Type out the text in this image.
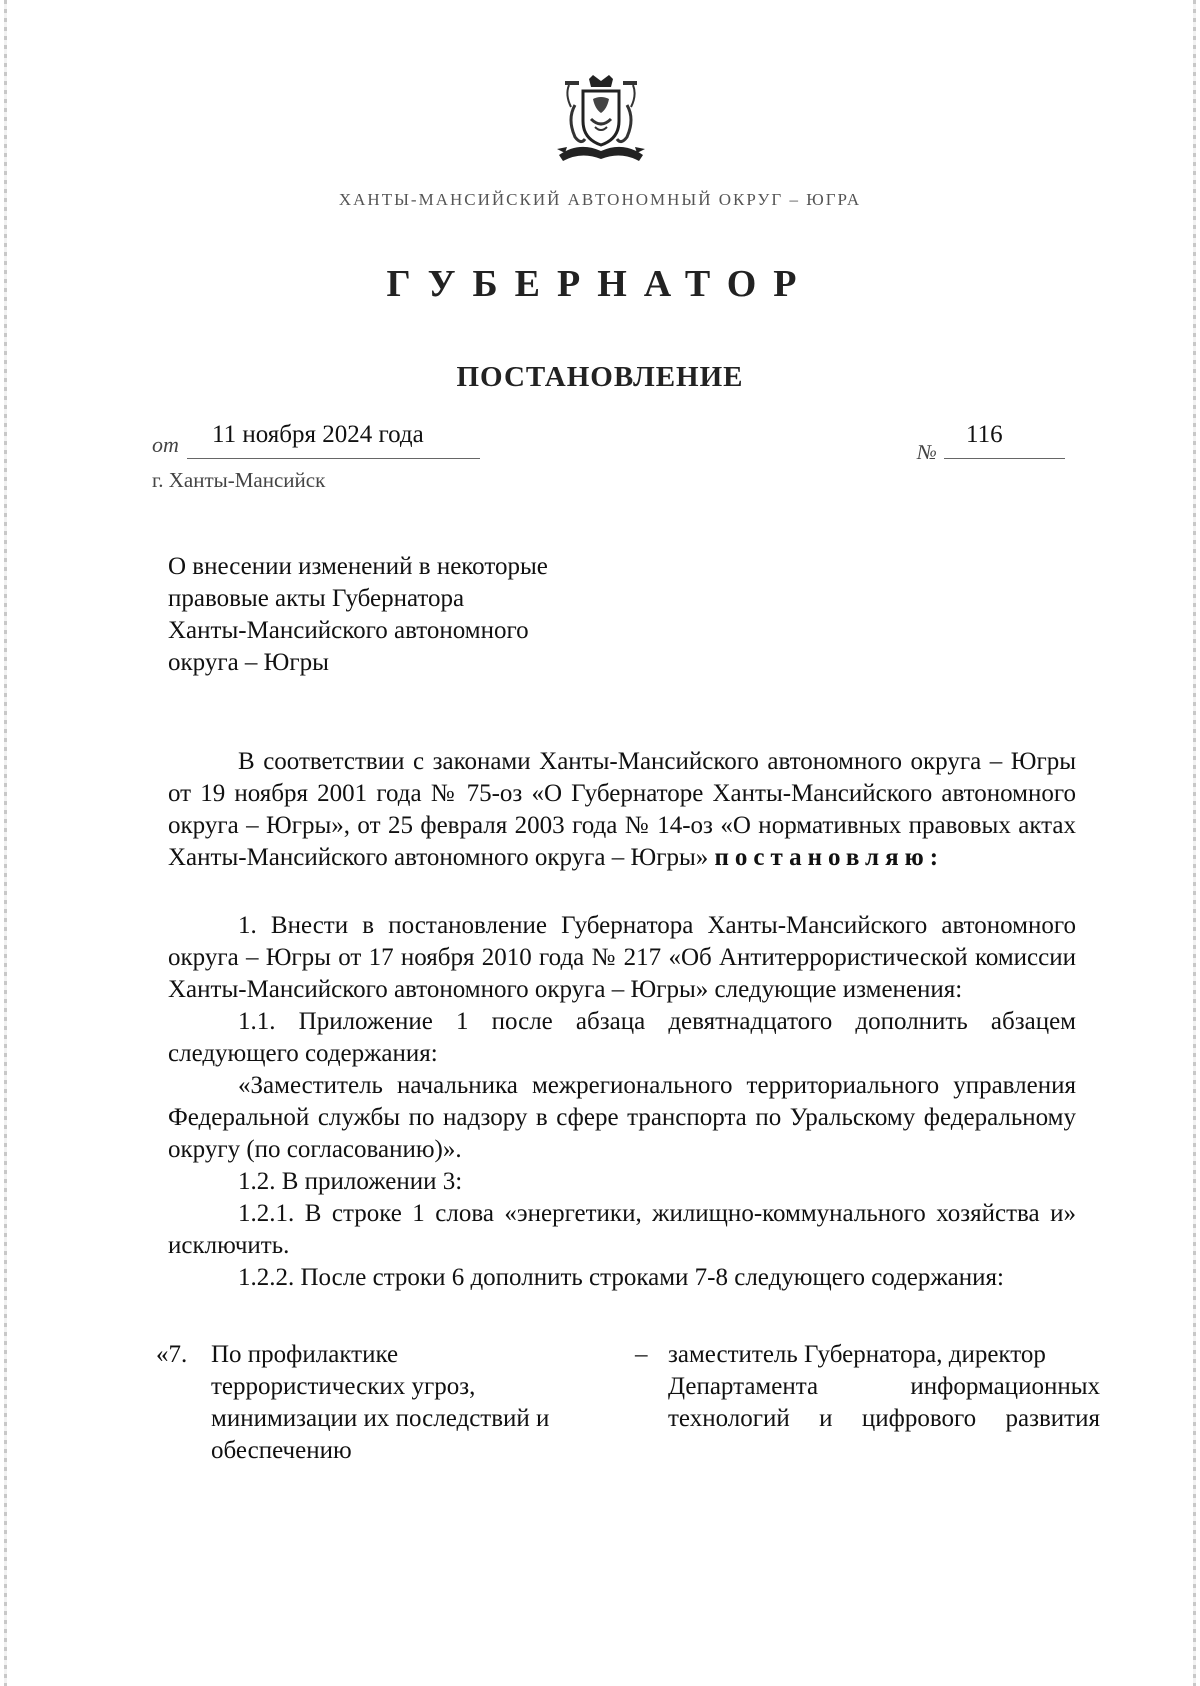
ХАНТЫ-МАНСИЙСКИЙ АВТОНОМНЫЙ ОКРУГ – ЮГРА
ГУБЕРНАТОР
ПОСТАНОВЛЕНИЕ
от 11 ноября 2024 года
№
116
г. Ханты-Мансийск
О внесении изменений в некоторые
правовые акты Губернатора
Ханты-Мансийского автономного
округа – Югры

В соответствии с законами Ханты-Мансийского автономного округа – Югры от 19 ноября 2001 года № 75-оз «О Губернаторе Ханты-Мансийского автономного округа – Югры», от 25 февраля 2003 года № 14-оз «О нормативных правовых актах Ханты-Мансийского автономного округа – Югры» постановляю:

1. Внести в постановление Губернатора Ханты-Мансийского автономного округа – Югры от 17 ноября 2010 года № 217 «Об Антитеррористической комиссии Ханты-Мансийского автономного округа – Югры» следующие изменения:

1.1. Приложение 1 после абзаца девятнадцатого дополнить абзацем следующего содержания:

«Заместитель начальника межрегионального территориального управления Федеральной службы по надзору в сфере транспорта по Уральскому федеральному округу (по согласованию)».

1.2. В приложении 3:

1.2.1. В строке 1 слова «энергетики, жилищно-коммунального хозяйства и» исключить.

1.2.2. После строки 6 дополнить строками 7-8 следующего содержания:

«7. По профилактике
террористических угроз,
минимизации их последствий и
обеспечению
– заместитель Губернатора, директор
Департамента информационных
технологий и цифрового развития
